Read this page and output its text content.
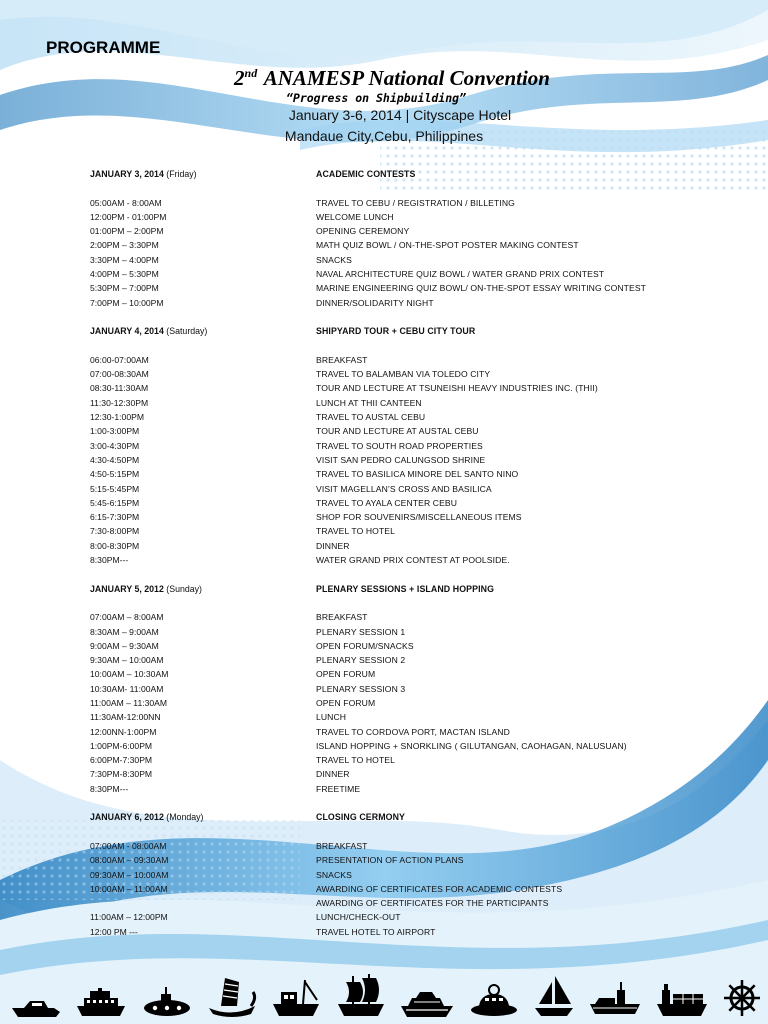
PROGRAMME
2nd ANAMESP National Convention
“Progress on Shipbuilding”
January 3-6, 2014 | Cityscape Hotel
Mandaue City,Cebu, Philippines
JANUARY 3, 2014 (Friday)	ACADEMIC CONTESTS
05:00AM - 8:00AM	TRAVEL TO CEBU / REGISTRATION / BILLETING
12:00PM - 01:00PM	WELCOME LUNCH
01:00PM – 2:00PM	OPENING CEREMONY
2:00PM – 3:30PM	MATH QUIZ BOWL / ON-THE-SPOT POSTER MAKING CONTEST
3:30PM – 4:00PM	SNACKS
4:00PM – 5:30PM	NAVAL ARCHITECTURE QUIZ BOWL / WATER GRAND PRIX CONTEST
5:30PM – 7:00PM	MARINE ENGINEERING QUIZ BOWL/ ON-THE-SPOT ESSAY WRITING CONTEST
7:00PM – 10:00PM	DINNER/SOLIDARITY NIGHT
JANUARY 4, 2014 (Saturday)	SHIPYARD TOUR + CEBU CITY TOUR
06:00-07:00AM	BREAKFAST
07:00-08:30AM	TRAVEL TO BALAMBAN VIA TOLEDO CITY
08:30-11:30AM	TOUR AND LECTURE AT TSUNEISHI HEAVY INDUSTRIES INC. (THII)
11:30-12:30PM	LUNCH AT THII CANTEEN
12:30-1:00PM	TRAVEL TO AUSTAL CEBU
1:00-3:00PM	TOUR AND LECTURE AT AUSTAL CEBU
3:00-4:30PM	TRAVEL TO SOUTH ROAD PROPERTIES
4:30-4:50PM	VISIT SAN PEDRO CALUNGSOD SHRINE
4:50-5:15PM	TRAVEL TO BASILICA MINORE DEL SANTO NINO
5:15-5:45PM	VISIT MAGELLAN’S CROSS AND BASILICA
5:45-6:15PM	TRAVEL TO AYALA CENTER CEBU
6:15-7:30PM	SHOP FOR SOUVENIRS/MISCELLANEOUS ITEMS
7:30-8:00PM	TRAVEL TO HOTEL
8:00-8:30PM	DINNER
8:30PM---	WATER GRAND PRIX CONTEST AT POOLSIDE.
JANUARY 5, 2012 (Sunday)	PLENARY SESSIONS + ISLAND HOPPING
07:00AM – 8:00AM	BREAKFAST
8:30AM – 9:00AM	PLENARY SESSION 1
9:00AM – 9:30AM	OPEN FORUM/SNACKS
9:30AM – 10:00AM	PLENARY SESSION 2
10:00AM – 10:30AM	OPEN FORUM
10:30AM- 11:00AM	PLENARY SESSION 3
11:00AM – 11:30AM	OPEN FORUM
11:30AM-12:00NN	LUNCH
12:00NN-1:00PM	TRAVEL TO CORDOVA PORT, MACTAN ISLAND
1:00PM-6:00PM	ISLAND HOPPING + SNORKLING ( GILUTANGAN, CAOHAGAN, NALUSUAN)
6:00PM-7:30PM	TRAVEL TO HOTEL
7:30PM-8:30PM	DINNER
8:30PM---	FREETIME
JANUARY 6, 2012 (Monday)	CLOSING CERMONY
07:00AM - 08:00AM	BREAKFAST
08:00AM – 09:30AM	PRESENTATION OF ACTION PLANS
09:30AM – 10:00AM	SNACKS
10:00AM – 11:00AM	AWARDING OF CERTIFICATES FOR ACADEMIC CONTESTS
AWARDING OF CERTIFICATES FOR THE PARTICIPANTS
11:00AM – 12:00PM	LUNCH/CHECK-OUT
12:00 PM ---	TRAVEL HOTEL TO AIRPORT
